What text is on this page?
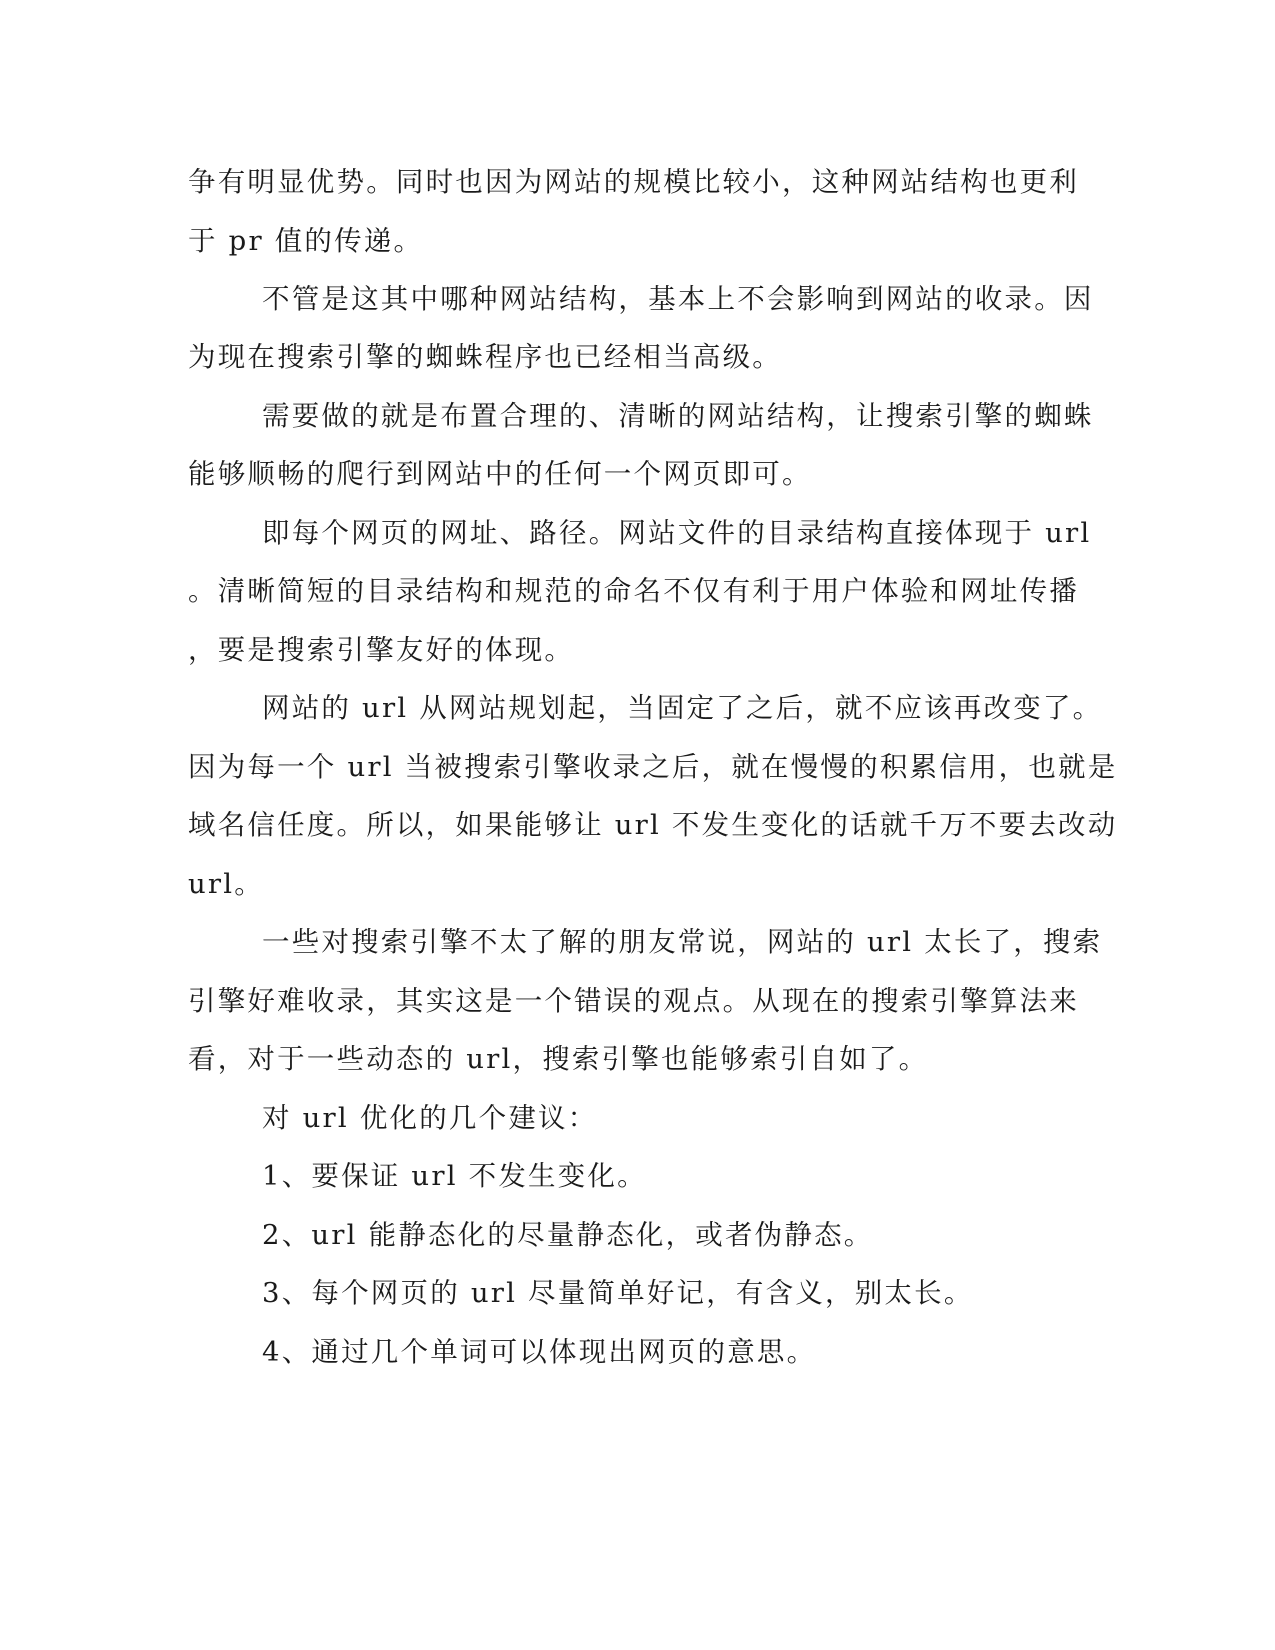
争有明显优势。同时也因为网站的规模比较小，这种网站结构也更利
于 pr 值的传递。
不管是这其中哪种网站结构，基本上不会影响到网站的收录。因
为现在搜索引擎的蜘蛛程序也已经相当高级。
需要做的就是布置合理的、清晰的网站结构，让搜索引擎的蜘蛛
能够顺畅的爬行到网站中的任何一个网页即可。
即每个网页的网址、路径。网站文件的目录结构直接体现于 url
。清晰简短的目录结构和规范的命名不仅有利于用户体验和网址传播
，要是搜索引擎友好的体现。
网站的 url 从网站规划起，当固定了之后，就不应该再改变了。
因为每一个 url 当被搜索引擎收录之后，就在慢慢的积累信用，也就是
域名信任度。所以，如果能够让 url 不发生变化的话就千万不要去改动
url。
一些对搜索引擎不太了解的朋友常说，网站的 url 太长了，搜索
引擎好难收录，其实这是一个错误的观点。从现在的搜索引擎算法来
看，对于一些动态的 url，搜索引擎也能够索引自如了。
对 url 优化的几个建议：
1、要保证 url 不发生变化。
2、url 能静态化的尽量静态化，或者伪静态。
3、每个网页的 url 尽量简单好记，有含义，别太长。
4、通过几个单词可以体现出网页的意思。
